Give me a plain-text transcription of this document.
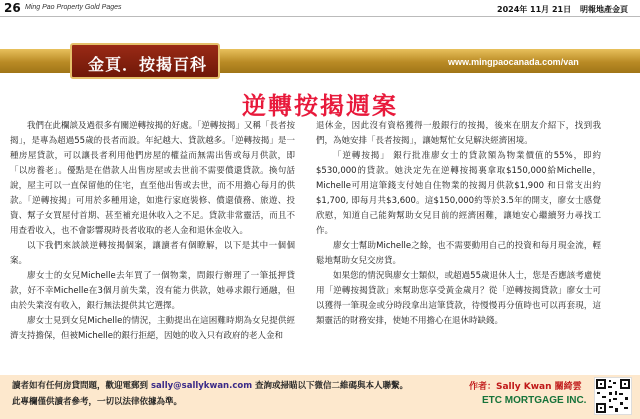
26 Ming Pao Property Gold Pages	2024年 11月 21日 明報地產金頁
金頁．按揭百科	www.mingpaocanada.com/van
逆轉按揭週案

我們在此欄談及過很多有關逆轉按揭的好處。「逆轉按揭」又稱「長者按揭」，是專為超過55歲的長者而設。年紀越大、貸款越多。「逆轉按揭」是一種房屋貸款，可以讓長者利用他們房屋的權益而無需出售或每月供款，即「以房養老」。優點是在借款人出售房屋或去世前不需要償還貸款。換句話說，屋主可以一直保留他的住宅，直至他出售或去世，而不用擔心每月的供款。「逆轉按揭」可用於多種用途，如進行家庭裝修、償還債務、旅遊、投資、幫子女買屋付首期、甚至補充退休收入之不足。貸款非常靈活，而且不用查看收入，也不會影響現時長者收取的老人金和退休金收入。

以下我們來談談逆轉按揭個案，讓讀者有個瞭解，以下是其中一個個案。

廖女士的女兒Michelle去年買了一個物業，問銀行辦理了一筆抵押貸款，好不幸Michelle在3個月前失業，沒有能力供款，她尋求銀行通融，但由於失業沒有收入，銀行無法提供其它選擇。

廖女士見到女兒Michelle的情況，主動提出在這困難時期為女兒提供經濟支持擔保，但被Michelle的銀行拒絕，因她的收入只有政府的老人金和

退休金，因此沒有資格獲得一般銀行的按揭，後來在朋友介紹下，找到我們，為她安排「長者按揭」，讓她幫忙女兒解決經濟困境。

「逆轉按揭」 銀行批准廖女士的貸款額為物業價值的55%，即約$530,000的貸款。她決定先在逆轉按揭裏拿取$150,000給Michelle，Michelle可用這筆錢支付她自住物業的按揭月供款$1,900 和日常支出約$1,700, 即每月共$3,600。這$150,000約等於3.5年的開支，廖女士感覺欣慰，知道自己能夠幫助女兒目前的經濟困難，讓她安心繼續努力尋找工作。

廖女士幫助Michelle之餘，也不需要動用自己的投資和每月現金流，輕鬆地幫助女兒交房貸。

如果您的情況與廖女士類似，或超過55歲退休人士，您是否應該考慮使用「逆轉按揭貸款」來幫助您享受黃金歲月？從「逆轉按揭貸款」廖女士可以獲得一筆現金或分時段拿出這筆貸款，待慢慢再分值時也可以再套現，這類靈活的財務安排，使她不用擔心在退休時缺錢。

讀者如有任何房貸問題，歡迎電郵到 sally@sallykwan.com 查詢或掃瞄以下微信二維碼與本人聯繫。
此專欄僅供讀者參考，一切以法律依據為準。
作者：Sally Kwan 關綺雲
ETC MORTGAGE INC.
